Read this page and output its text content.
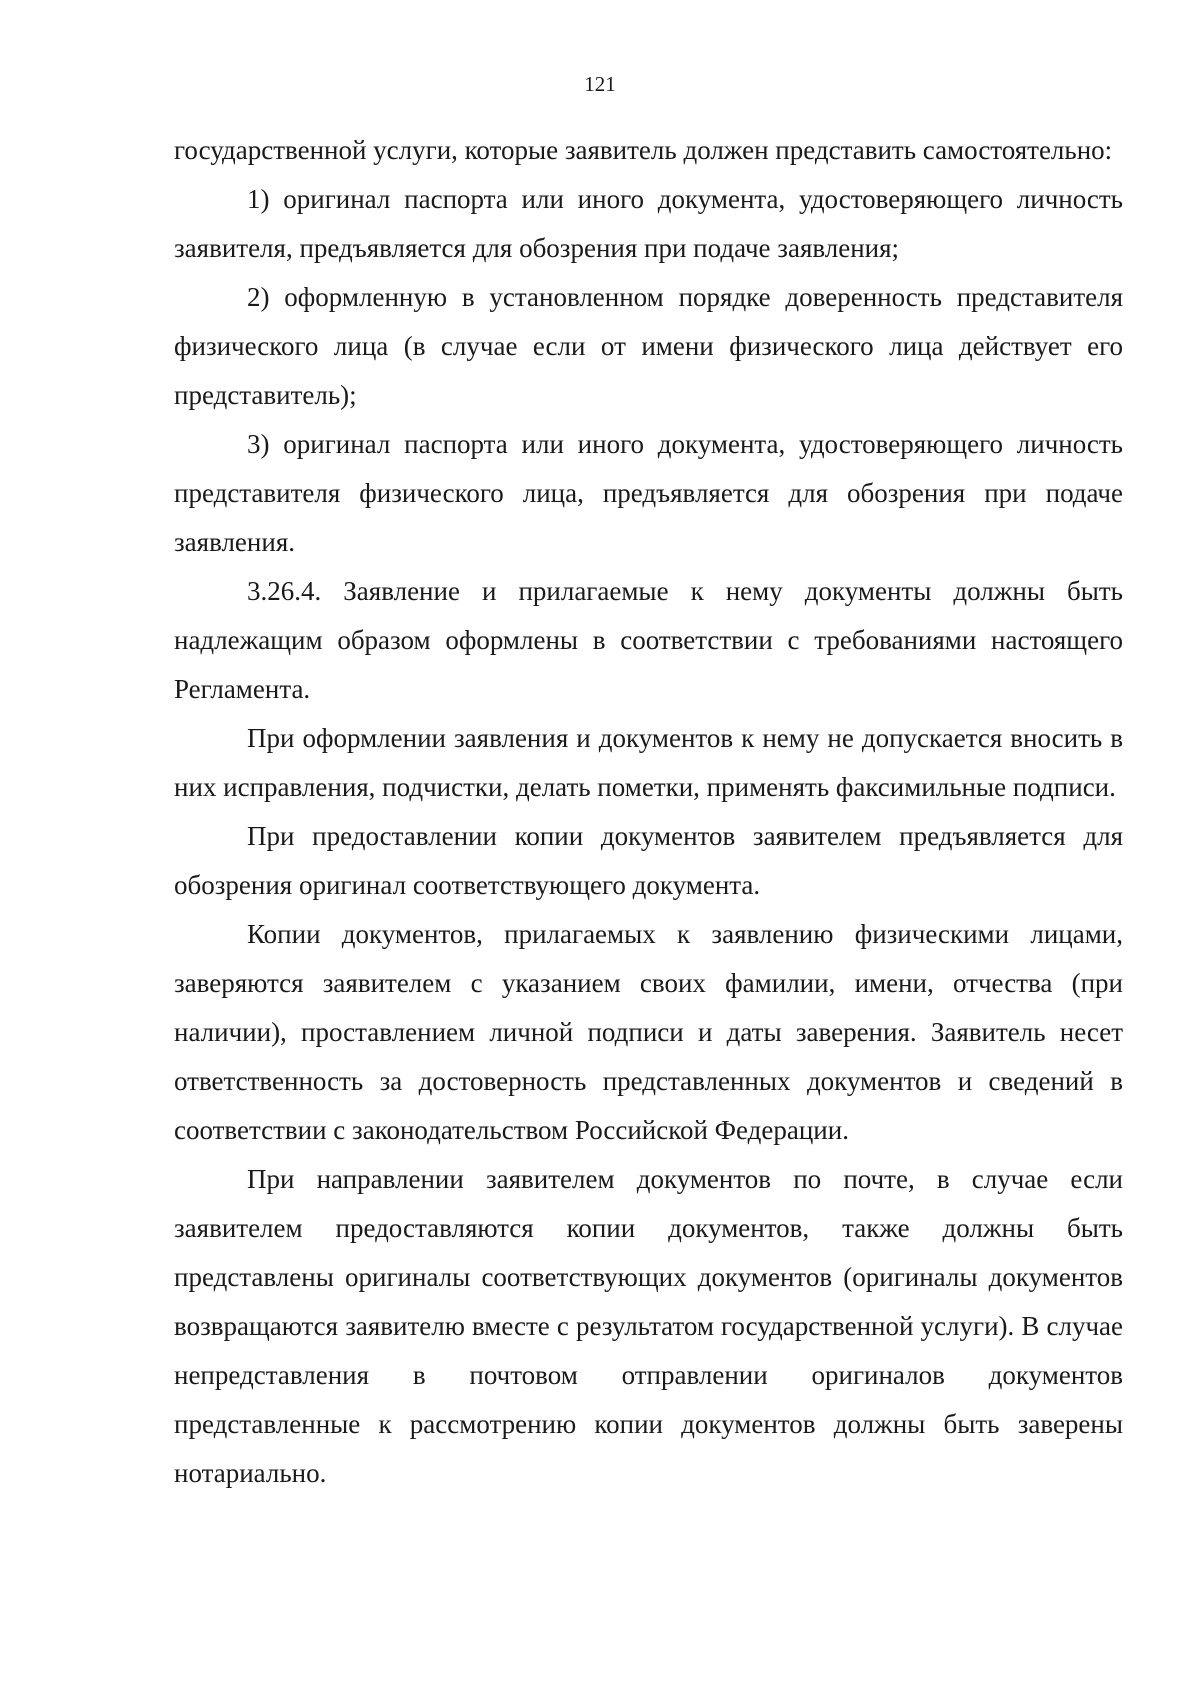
121

государственной услуги, которые заявитель должен представить самостоятельно:

1) оригинал паспорта или иного документа, удостоверяющего личность заявителя, предъявляется для обозрения при подаче заявления;

2) оформленную в установленном порядке доверенность представителя физического лица (в случае если от имени физического лица действует его представитель);

3) оригинал паспорта или иного документа, удостоверяющего личность представителя физического лица, предъявляется для обозрения при подаче заявления.

3.26.4. Заявление и прилагаемые к нему документы должны быть надлежащим образом оформлены в соответствии с требованиями настоящего Регламента.

При оформлении заявления и документов к нему не допускается вносить в них исправления, подчистки, делать пометки, применять факсимильные подписи.

При предоставлении копии документов заявителем предъявляется для обозрения оригинал соответствующего документа.

Копии документов, прилагаемых к заявлению физическими лицами, заверяются заявителем с указанием своих фамилии, имени, отчества (при наличии), проставлением личной подписи и даты заверения. Заявитель несет ответственность за достоверность представленных документов и сведений в соответствии с законодательством Российской Федерации.

При направлении заявителем документов по почте, в случае если заявителем предоставляются копии документов, также должны быть представлены оригиналы соответствующих документов (оригиналы документов возвращаются заявителю вместе с результатом государственной услуги). В случае непредставления в почтовом отправлении оригиналов документов представленные к рассмотрению копии документов должны быть заверены нотариально.
